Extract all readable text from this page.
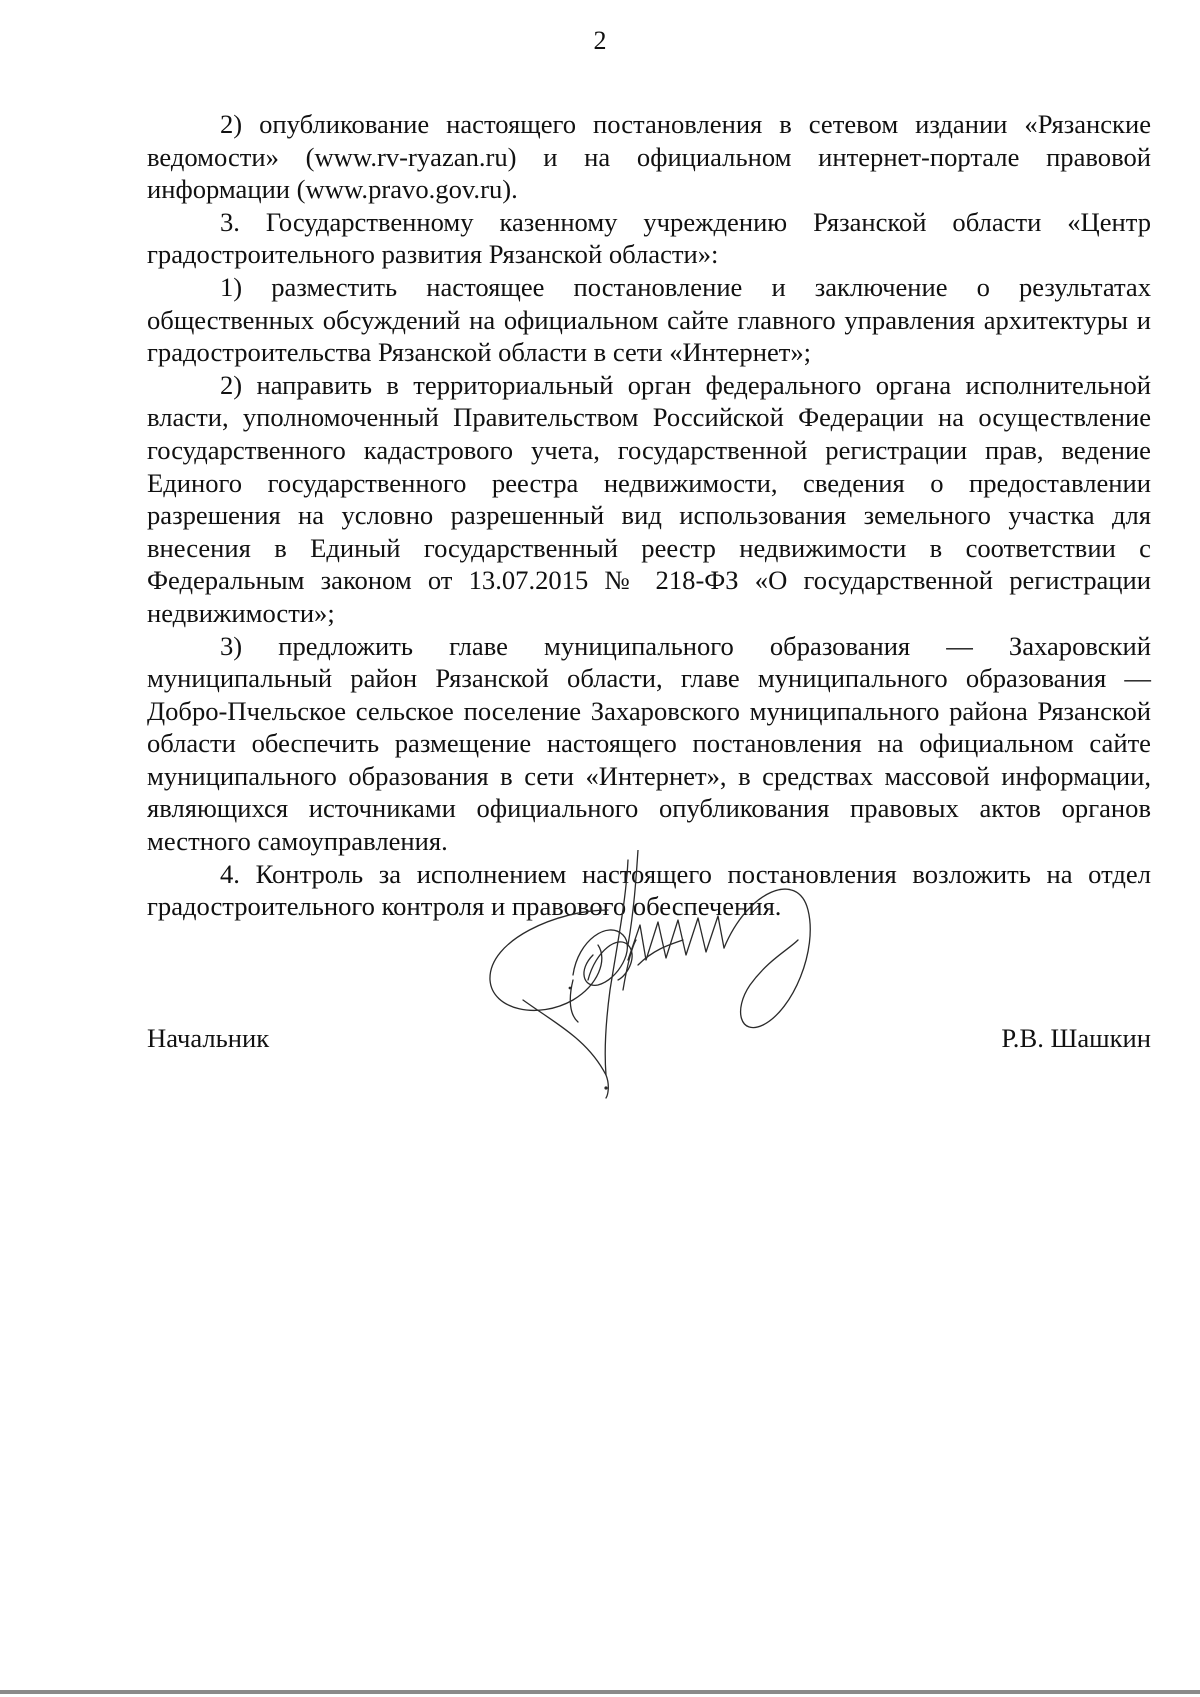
2

2) опубликование настоящего постановления в сетевом издании «Рязанские ведомости» (www.rv-ryazan.ru) и на официальном интернет-портале правовой информации (www.pravo.gov.ru).

3. Государственному казенному учреждению Рязанской области «Центр градостроительного развития Рязанской области»:

1) разместить настоящее постановление и заключение о результатах общественных обсуждений на официальном сайте главного управления архитектуры и градостроительства Рязанской области в сети «Интернет»;

2) направить в территориальный орган федерального органа исполнительной власти, уполномоченный Правительством Российской Федерации на осуществление государственного кадастрового учета, государственной регистрации прав, ведение Единого государственного реестра недвижимости, сведения о предоставлении разрешения на условно разрешенный вид использования земельного участка для внесения в Единый государственный реестр недвижимости в соответствии с Федеральным законом от 13.07.2015 № 218-ФЗ «О государственной регистрации недвижимости»;

3) предложить главе муниципального образования — Захаровский муниципальный район Рязанской области, главе муниципального образования — Добро-Пчельское сельское поселение Захаровского муниципального района Рязанской области обеспечить размещение настоящего постановления на официальном сайте муниципального образования в сети «Интернет», в средствах массовой информации, являющихся источниками официального опубликования правовых актов органов местного самоуправления.

4. Контроль за исполнением настоящего постановления возложить на отдел градостроительного контроля и правового обеспечения.

Начальник	Р.В. Шашкин
